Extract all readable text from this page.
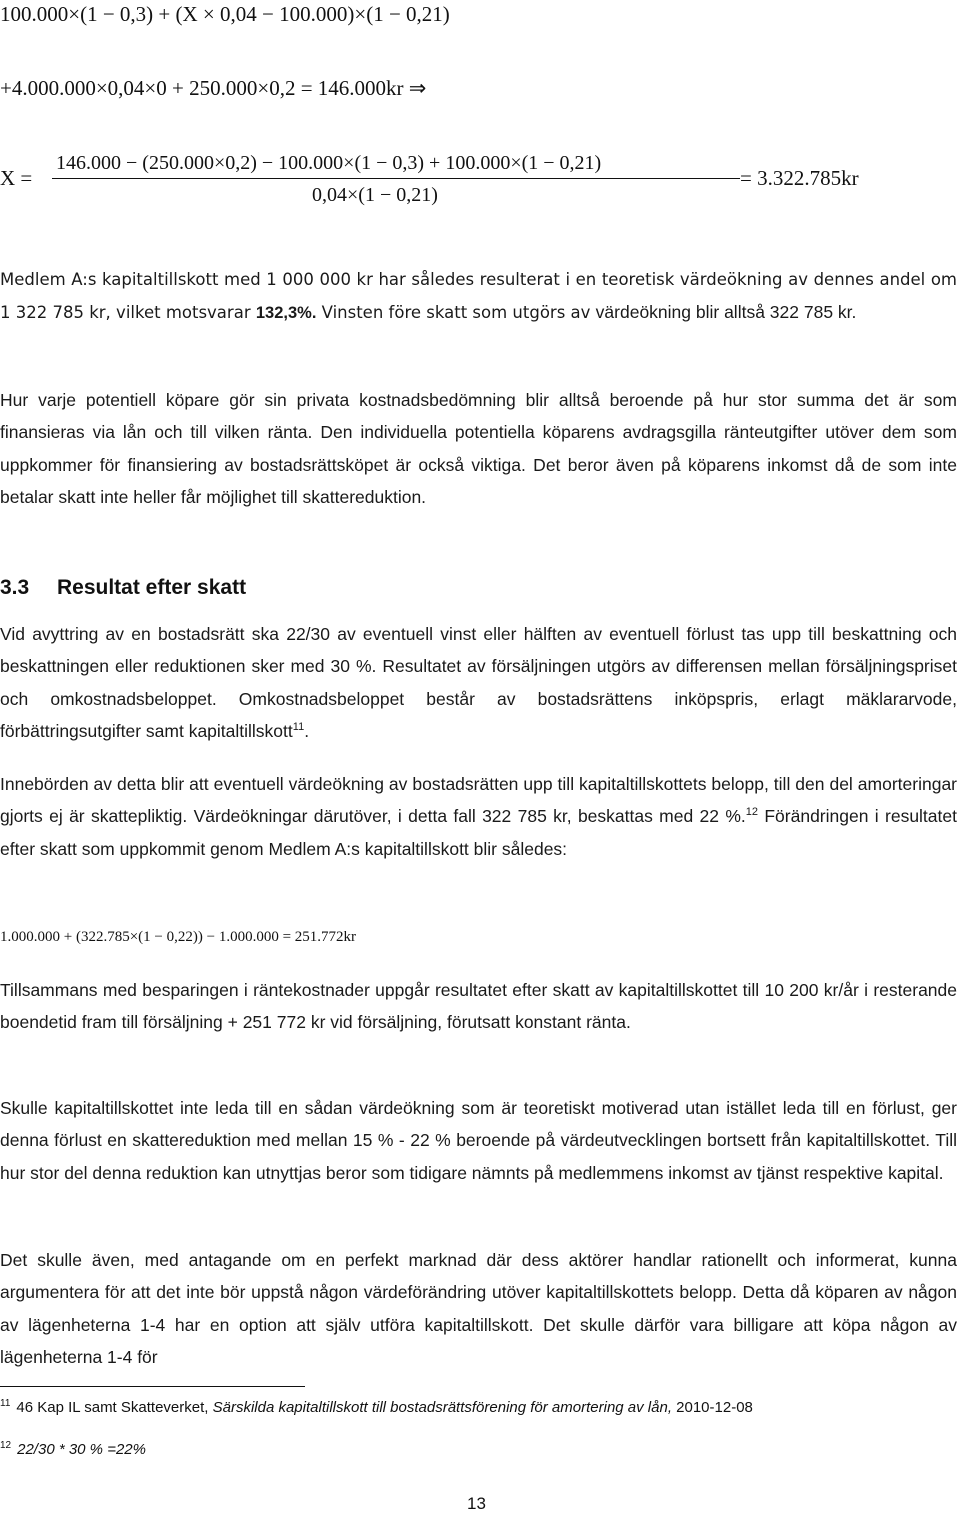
100.000×(1 − 0,3) + (X × 0,04 − 100.000)×(1 − 0,21)
+4.000.000×0,04×0 + 250.000×0,2 = 146.000kr ⇒
X =
146.000 − (250.000×0,2) − 100.000×(1 − 0,3) + 100.000×(1 − 0,21)
0,04×(1 − 0,21)
= 3.322.785kr

Medlem A:s kapitaltillskott med 1 000 000 kr har således resulterat i en teoretisk värdeökning av dennes andel om 1 322 785 kr, vilket motsvarar 132,3%. Vinsten före skatt som utgörs av värdeökning blir alltså 322 785 kr.

Hur varje potentiell köpare gör sin privata kostnadsbedömning blir alltså beroende på hur stor summa det är som finansieras via lån och till vilken ränta. Den individuella potentiella köparens avdragsgilla ränteutgifter utöver dem som uppkommer för finansiering av bostadsrättsköpet är också viktiga. Det beror även på köparens inkomst då de som inte betalar skatt inte heller får möjlighet till skattereduktion.

3.3 Resultat efter skatt

Vid avyttring av en bostadsrätt ska 22/30 av eventuell vinst eller hälften av eventuell förlust tas upp till beskattning och beskattningen eller reduktionen sker med 30 %. Resultatet av försäljningen utgörs av differensen mellan försäljningspriset och omkostnadsbeloppet. Omkostnadsbeloppet består av bostadsrättens inköpspris, erlagt mäklararvode, förbättringsutgifter samt kapitaltillskott$^{11}$.

Innebörden av detta blir att eventuell värdeökning av bostadsrätten upp till kapitaltillskottets belopp, till den del amorteringar gjorts ej är skattepliktig. Värdeökningar därutöver, i detta fall 322 785 kr, beskattas med 22 %.$^{12}$ Förändringen i resultatet efter skatt som uppkommit genom Medlem A:s kapitaltillskott blir således:

1.000.000 + (322.785×(1 − 0,22)) − 1.000.000 = 251.772kr

Tillsammans med besparingen i räntekostnader uppgår resultatet efter skatt av kapitaltillskottet till 10 200 kr/år i resterande boendetid fram till försäljning + 251 772 kr vid försäljning, förutsatt konstant ränta.

Skulle kapitaltillskottet inte leda till en sådan värdeökning som är teoretiskt motiverad utan istället leda till en förlust, ger denna förlust en skattereduktion med mellan 15 % - 22 % beroende på värdeutvecklingen bortsett från kapitaltillskottet. Till hur stor del denna reduktion kan utnyttjas beror som tidigare nämnts på medlemmens inkomst av tjänst respektive kapital.

Det skulle även, med antagande om en perfekt marknad där dess aktörer handlar rationellt och informerat, kunna argumentera för att det inte bör uppstå någon värdeförändring utöver kapitaltillskottets belopp. Detta då köparen av någon av lägenheterna 1-4 har en option att själv utföra kapitaltillskott. Det skulle därför vara billigare att köpa någon av lägenheterna 1-4 för

$^{11}$ 46 Kap IL samt Skatteverket, Särskilda kapitaltillskott till bostadsrättsförening för amortering av lån, 2010-12-08
$^{12}$ 22/30 * 30 % =22%
13
